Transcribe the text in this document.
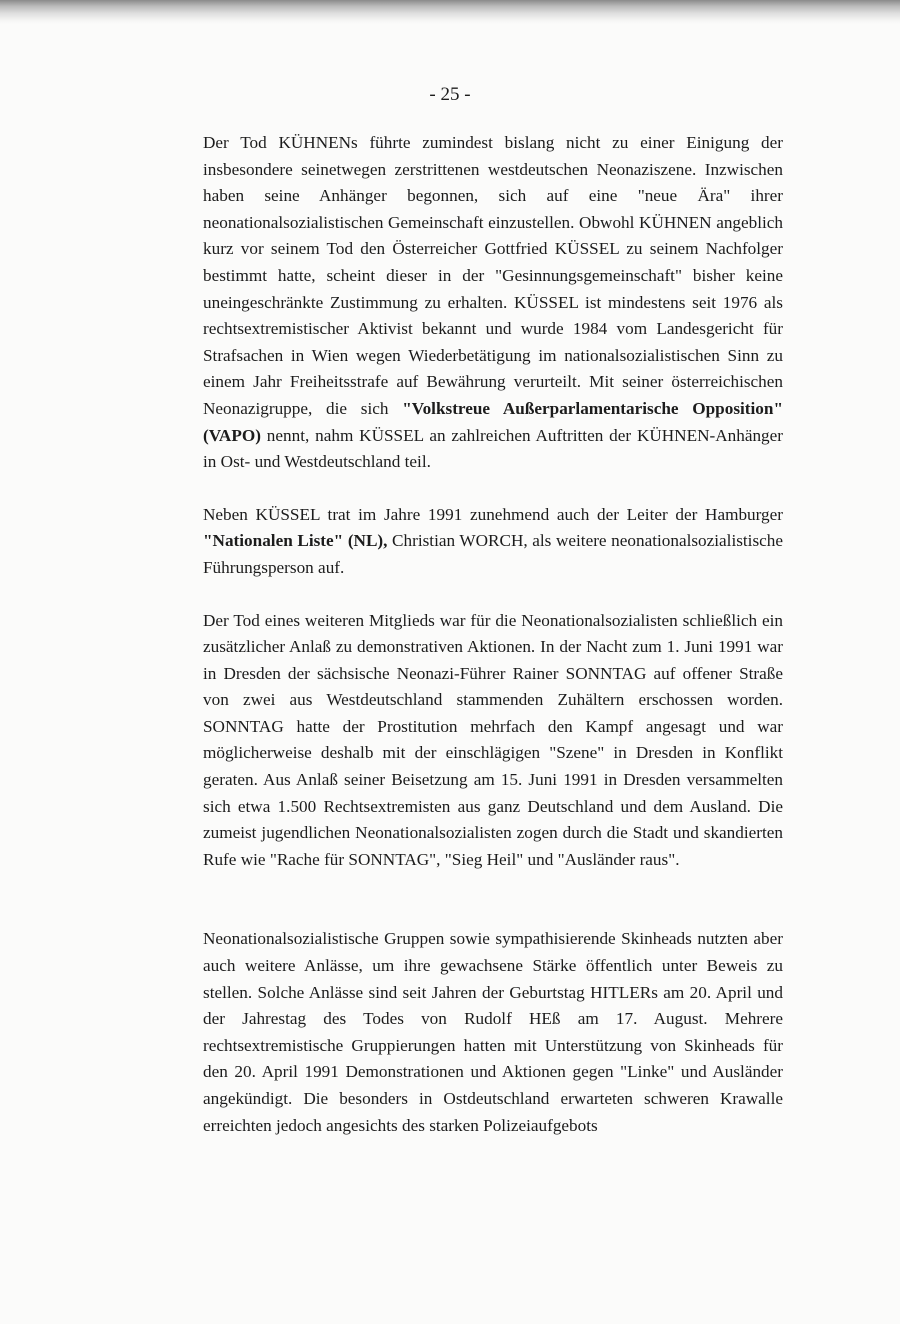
- 25 -

Der Tod KÜHNENs führte zumindest bislang nicht zu einer Einigung der insbesondere seinetwegen zerstrittenen westdeutschen Neonaziszene. Inzwischen haben seine Anhänger begonnen, sich auf eine "neue Ära" ihrer neonationalsozialistischen Gemeinschaft einzustellen. Obwohl KÜHNEN angeblich kurz vor seinem Tod den Österreicher Gottfried KÜSSEL zu seinem Nachfolger bestimmt hatte, scheint dieser in der "Gesinnungsgemeinschaft" bisher keine uneingeschränkte Zustimmung zu erhalten. KÜSSEL ist mindestens seit 1976 als rechtsextremistischer Aktivist bekannt und wurde 1984 vom Landesgericht für Strafsachen in Wien wegen Wiederbetätigung im nationalsozialistischen Sinn zu einem Jahr Freiheitsstrafe auf Bewährung verurteilt. Mit seiner österreichischen Neonazigruppe, die sich "Volkstreue Außerparlamentarische Opposition" (VAPO) nennt, nahm KÜSSEL an zahlreichen Auftritten der KÜHNEN-Anhänger in Ost- und Westdeutschland teil.

Neben KÜSSEL trat im Jahre 1991 zunehmend auch der Leiter der Hamburger "Nationalen Liste" (NL), Christian WORCH, als weitere neonationalsozialistische Führungsperson auf.

Der Tod eines weiteren Mitglieds war für die Neonationalsozialisten schließlich ein zusätzlicher Anlaß zu demonstrativen Aktionen. In der Nacht zum 1. Juni 1991 war in Dresden der sächsische Neonazi-Führer Rainer SONNTAG auf offener Straße von zwei aus Westdeutschland stammenden Zuhältern erschossen worden. SONNTAG hatte der Prostitution mehrfach den Kampf angesagt und war möglicherweise deshalb mit der einschlägigen "Szene" in Dresden in Konflikt geraten. Aus Anlaß seiner Beisetzung am 15. Juni 1991 in Dresden versammelten sich etwa 1.500 Rechtsextremisten aus ganz Deutschland und dem Ausland. Die zumeist jugendlichen Neonationalsozialisten zogen durch die Stadt und skandierten Rufe wie "Rache für SONNTAG", "Sieg Heil" und "Ausländer raus".

Neonationalsozialistische Gruppen sowie sympathisierende Skinheads nutzten aber auch weitere Anlässe, um ihre gewachsene Stärke öffentlich unter Beweis zu stellen. Solche Anlässe sind seit Jahren der Geburtstag HITLERs am 20. April und der Jahrestag des Todes von Rudolf HEß am 17. August. Mehrere rechtsextremistische Gruppierungen hatten mit Unterstützung von Skinheads für den 20. April 1991 Demonstrationen und Aktionen gegen "Linke" und Ausländer angekündigt. Die besonders in Ostdeutschland erwarteten schweren Krawalle erreichten jedoch angesichts des starken Polizeiaufgebots
